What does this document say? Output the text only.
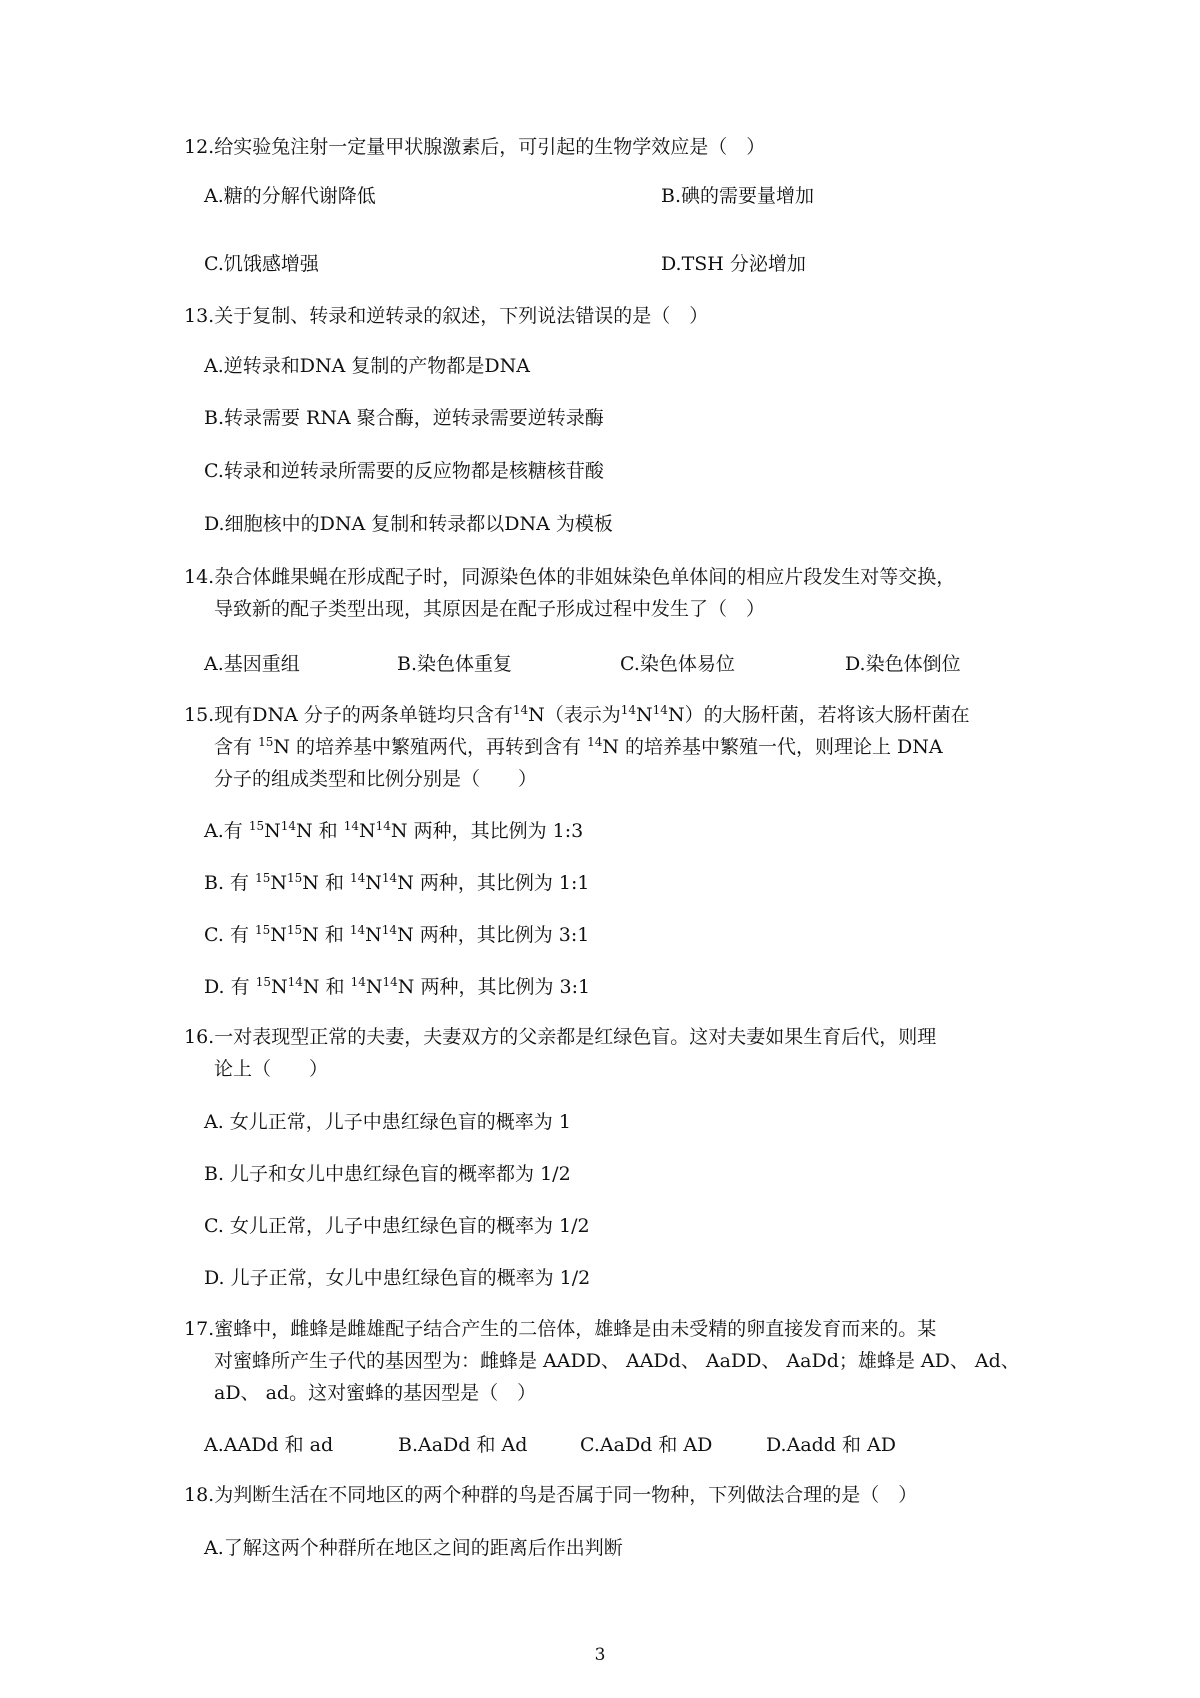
12.给实验兔注射一定量甲状腺激素后，可引起的生物学效应是（　）

A.糖的分解代谢降低	B.碘的需要量增加
C.饥饿感增强	D.TSH 分泌增加

13.关于复制、转录和逆转录的叙述，下列说法错误的是（　）

A.逆转录和DNA 复制的产物都是DNA
B.转录需要 RNA 聚合酶，逆转录需要逆转录酶
C.转录和逆转录所需要的反应物都是核糖核苷酸
D.细胞核中的DNA 复制和转录都以DNA 为模板
14.杂合体雌果蝇在形成配子时，同源染色体的非姐妹染色单体间的相应片段发生对等交换，
导致新的配子类型出现，其原因是在配子形成过程中发生了（　）
A.基因重组	B.染色体重复	C.染色体易位	D.染色体倒位
15.现有DNA 分子的两条单链均只含有$^{14}$N（表示为$^{14}N^{14}N$）的大肠杆菌，若将该大肠杆菌在
含有 $^{15}$N 的培养基中繁殖两代，再转到含有 $^{14}$N 的培养基中繁殖一代，则理论上 DNA
分子的组成类型和比例分别是（　　）
A.有 $^{15}N^{14}N$ 和 $^{14}N^{14}N$ 两种，其比例为 1:3
B. 有 $^{15}N^{15}N$ 和 $^{14}N^{14}N$ 两种，其比例为 1:1
C. 有 $^{15}N^{15}N$ 和 $^{14}N^{14}N$ 两种，其比例为 3:1
D. 有 $^{15}N^{14}N$ 和 $^{14}N^{14}N$ 两种，其比例为 3:1
16.一对表现型正常的夫妻，夫妻双方的父亲都是红绿色盲。这对夫妻如果生育后代，则理
论上（　　）
A. 女儿正常，儿子中患红绿色盲的概率为 1
B. 儿子和女儿中患红绿色盲的概率都为 1/2
C. 女儿正常，儿子中患红绿色盲的概率为 1/2
D. 儿子正常，女儿中患红绿色盲的概率为 1/2
17.蜜蜂中，雌蜂是雌雄配子结合产生的二倍体，雄蜂是由未受精的卵直接发育而来的。某
对蜜蜂所产生子代的基因型为：雌蜂是 AADD、 AADd、 AaDD、 AaDd；雄蜂是 AD、 Ad、
aD、 ad。这对蜜蜂的基因型是（　）
A.AADd 和 ad	B.AaDd 和 Ad	C.AaDd 和 AD	D.Aadd 和 AD

18.为判断生活在不同地区的两个种群的鸟是否属于同一物种，下列做法合理的是（　）

A.了解这两个种群所在地区之间的距离后作出判断
3
